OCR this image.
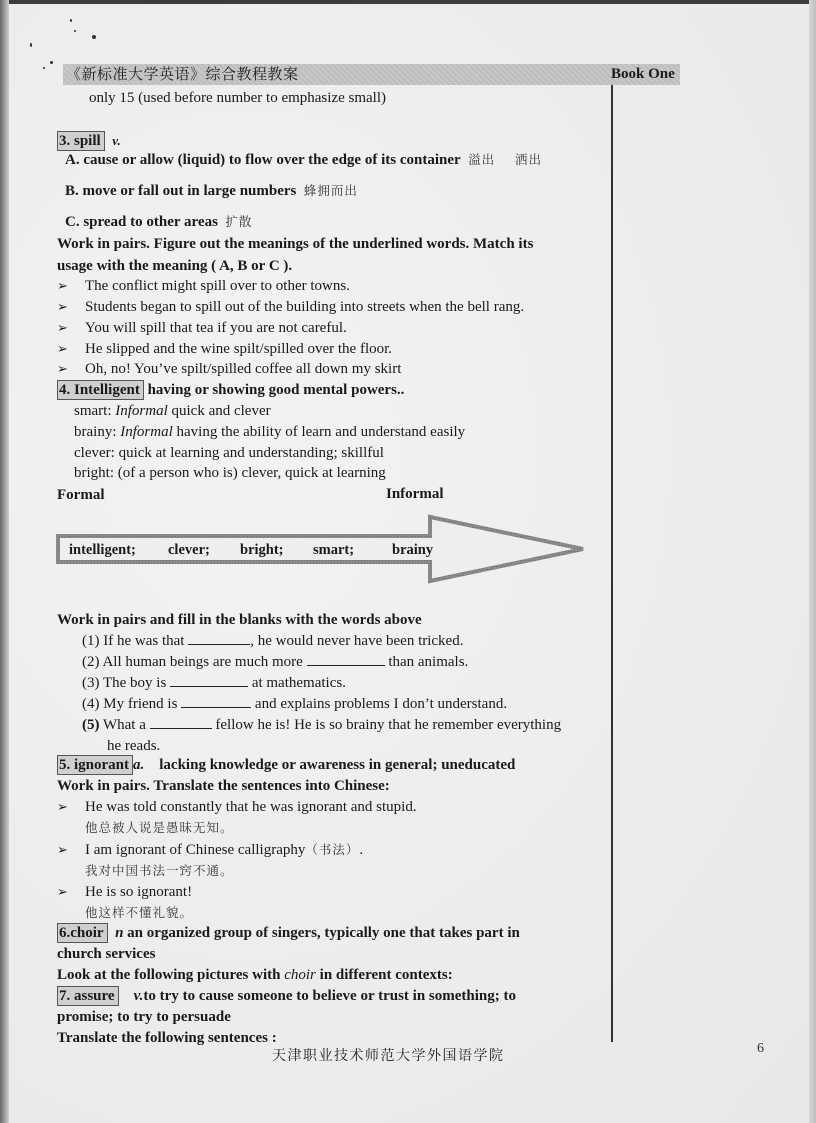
《新标准大学英语》综合教程教案	Book One
only 15 (used before number to emphasize small)
3. spill v.
A. cause or allow (liquid) to flow over the edge of its container 溢出    洒出
B. move or fall out in large numbers 蜂拥而出
C. spread to other areas 扩散
Work in pairs. Figure out the meanings of the underlined words. Match its
usage with the meaning ( A, B or C ).
➢ The conflict might spill over to other towns.
➢ Students began to spill out of the building into streets when the bell rang.
➢ You will spill that tea if you are not careful.
➢ He slipped and the wine spilt/spilled over the floor.
➢ Oh, no! You’ve spilt/spilled coffee all down my skirt
4. Intelligent having or showing good mental powers..
smart: Informal quick and clever
brainy: Informal having the ability of learn and understand easily
clever: quick at learning and understanding; skillful
bright: (of a person who is) clever, quick at learning
Formal	Informal
intelligent; clever; bright; smart;	brainy
Work in pairs and fill in the blanks with the words above
(1) If he was that	, he would never have been tricked.
(2) All human beings are much more	than animals.
(3) The boy is	at mathematics.
(4) My friend is	and explains problems I don’t understand.
(5) What a	fellow he is! He is so brainy that he remember everything
he reads.
5. ignorant a. lacking knowledge or awareness in general; uneducated
Work in pairs. Translate the sentences into Chinese:
➢ He was told constantly that he was ignorant and stupid.
他总被人说是愚昧无知。
➢ I am ignorant of Chinese calligraphy（书法）.
我对中国书法一窍不通。
➢ He is so ignorant!
他这样不懂礼貌。
6.choir n an organized group of singers, typically one that takes part in
church services
Look at the following pictures with choir in different contexts:
7. assure v.to try to cause someone to believe or trust in something; to
promise; to try to persuade
Translate the following sentences :
天津职业技术师范大学外国语学院	6
